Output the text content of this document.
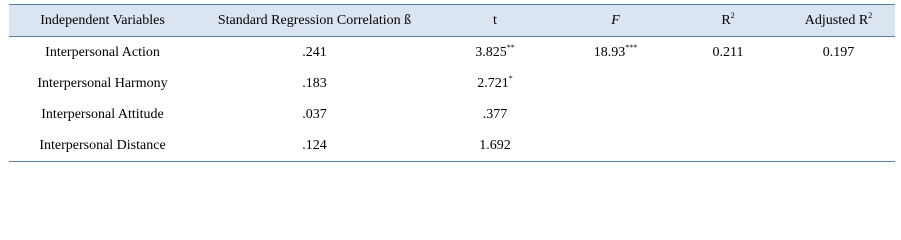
Independent Variables	Standard Regression Correlation ß	t	F	$R^2$	Adjusted $R^2$
Interpersonal Action	.241	3.825**	18.93***	0.211	0.197
Interpersonal Harmony	.183	2.721*			
Interpersonal Attitude	.037	.377			
Interpersonal Distance	.124	1.692			
